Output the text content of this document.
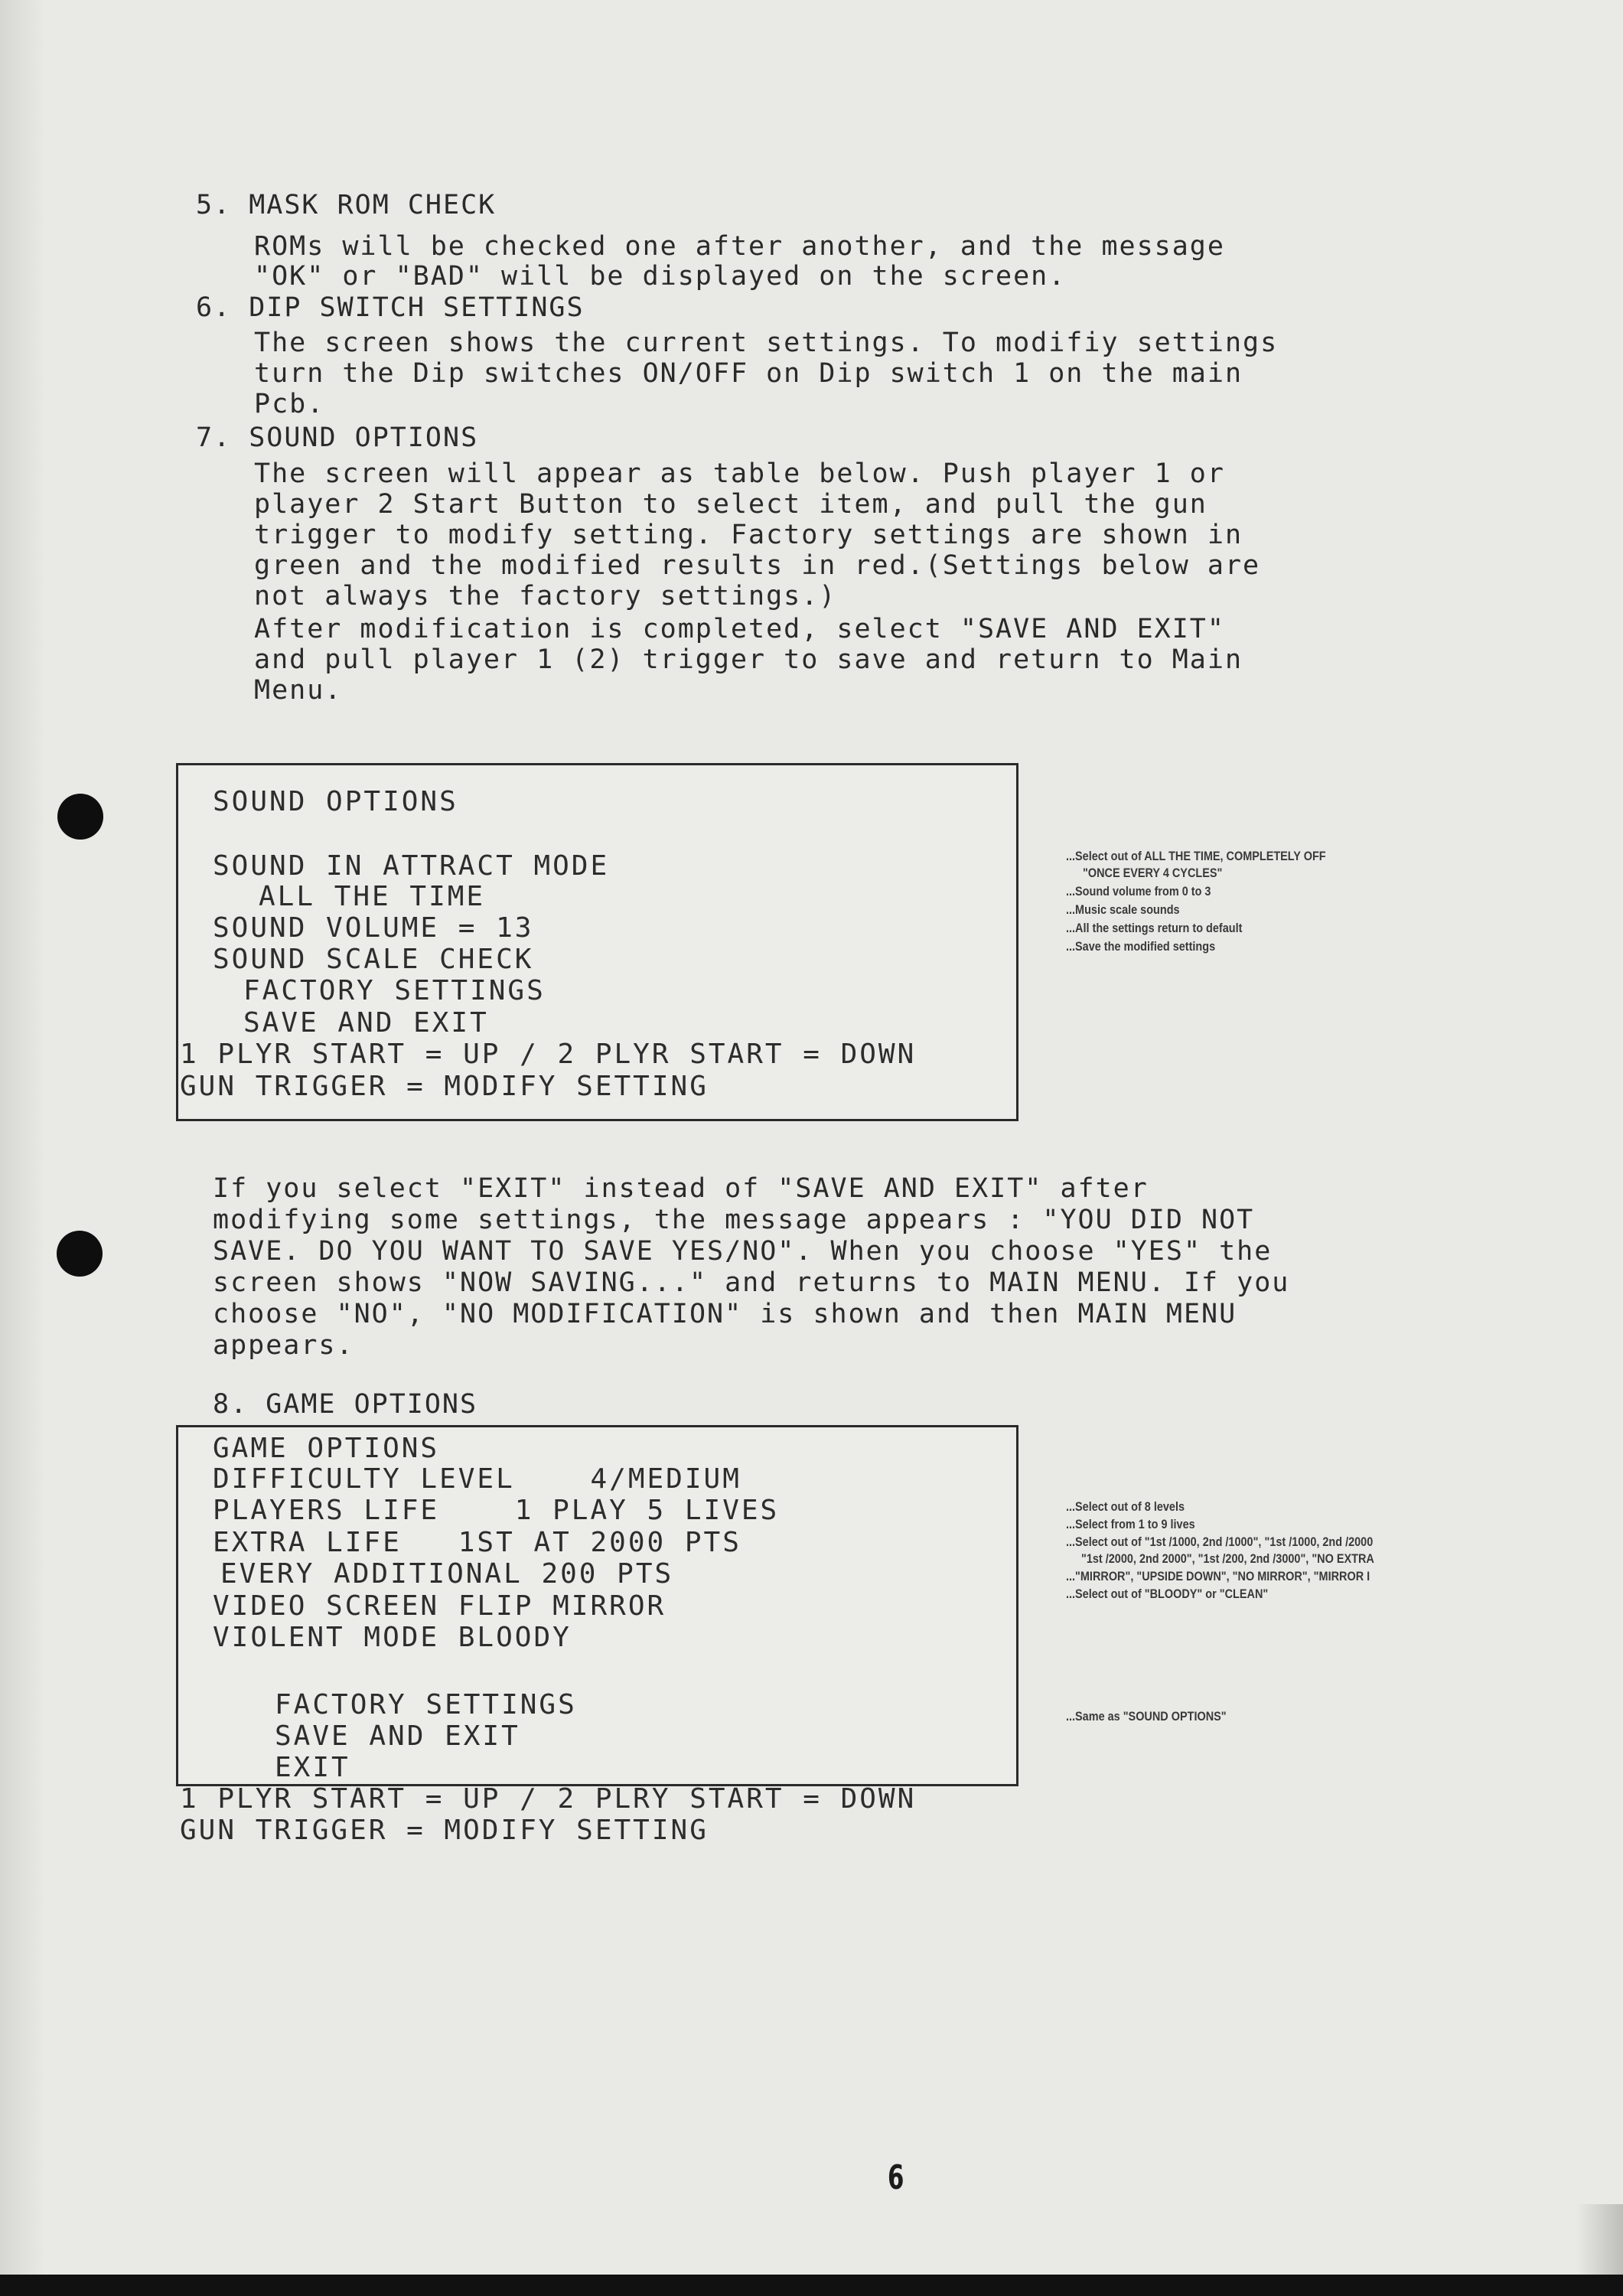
5. MASK ROM CHECK
ROMs will be checked one after another, and the message
"OK" or "BAD" will be displayed on the screen.
6. DIP SWITCH SETTINGS
The screen shows the current settings. To modifiy settings
turn the Dip switches ON/OFF on Dip switch 1 on the main
Pcb.
7. SOUND OPTIONS
The screen will appear as table below. Push player 1 or
player 2 Start Button to select item, and pull the gun
trigger to modify setting. Factory settings are shown in
green and the modified results in red.(Settings below are
not always the factory settings.)
After modification is completed, select "SAVE AND EXIT"
and pull player 1 (2) trigger to save and return to Main
Menu.
SOUND OPTIONS
SOUND IN ATTRACT MODE
ALL THE TIME
SOUND VOLUME = 13
SOUND SCALE CHECK
FACTORY SETTINGS
SAVE AND EXIT
1 PLYR START = UP / 2 PLYR START = DOWN
GUN TRIGGER = MODIFY SETTING
...Select out of ALL THE TIME, COMPLETELY OFF
"ONCE EVERY 4 CYCLES"
...Sound volume from 0 to 3
...Music scale sounds
...All the settings return to default
...Save the modified settings
If you select "EXIT" instead of "SAVE AND EXIT" after
modifying some settings, the message appears : "YOU DID NOT
SAVE. DO YOU WANT TO SAVE YES/NO". When you choose "YES" the
screen shows "NOW SAVING..." and returns to MAIN MENU. If you
choose "NO", "NO MODIFICATION" is shown and then MAIN MENU
appears.
8. GAME OPTIONS
GAME OPTIONS
DIFFICULTY LEVEL    4/MEDIUM
PLAYERS LIFE    1 PLAY 5 LIVES
EXTRA LIFE   1ST AT 2000 PTS
EVERY ADDITIONAL 200 PTS
VIDEO SCREEN FLIP MIRROR
VIOLENT MODE BLOODY
FACTORY SETTINGS
SAVE AND EXIT
EXIT
1 PLYR START = UP / 2 PLRY START = DOWN
GUN TRIGGER = MODIFY SETTING
...Select out of 8 levels
...Select from 1 to 9 lives
...Select out of "1st /1000, 2nd /1000", "1st /1000, 2nd /2000
"1st /2000, 2nd 2000", "1st /200, 2nd /3000", "NO EXTRA
..."MIRROR", "UPSIDE DOWN", "NO MIRROR", "MIRROR I
...Select out of "BLOODY" or "CLEAN"
...Same as "SOUND OPTIONS"
6
